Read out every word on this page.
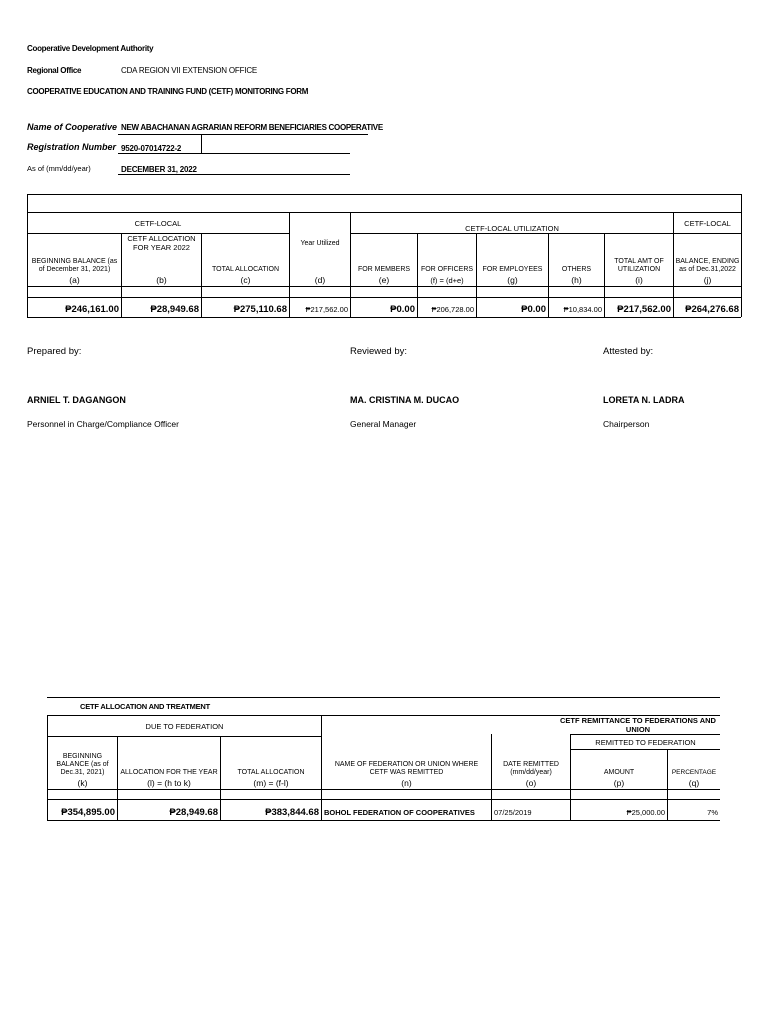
Cooperative Development Authority
Regional Office	CDA REGION VII EXTENSION OFFICE
COOPERATIVE EDUCATION AND TRAINING FUND (CETF) MONITORING FORM
Name of Cooperative NEW ABACHANAN AGRARIAN REFORM BENEFICIARIES COOPERATIVE
Registration Number 9520-07014722-2
As of (mm/dd/year)	DECEMBER 31, 2022
CETF-LOCAL
Year Utilized
CETF-LOCAL UTILIZATION
CETF-LOCAL
BEGINNING BALANCE (as of December 31, 2021)
CETF ALLOCATION FOR YEAR 2022
TOTAL ALLOCATION	FOR MEMBERS	FOR OFFICERS	FOR EMPLOYEES	OTHERS
TOTAL AMT OF UTILIZATION
BALANCE, ENDING as of Dec.31,2022
(a)	(b)	(c)	(d)	(e)	(f) = (d+e)	(g)	(h)	(i)	(j)
₱246,161.00	₱28,949.68	₱275,110.68	₱217,562.00	₱0.00	₱206,728.00	₱0.00	₱10,834.00	₱217,562.00	₱264,276.68
Prepared by:	Reviewed by:	Attested by:
ARNIEL T. DAGANGON	MA. CRISTINA M. DUCAO	LORETA N. LADRA
Personnel in Charge/Compliance Officer	General Manager	Chairperson
CETF ALLOCATION AND TREATMENT
DUE TO FEDERATION
CETF REMITTANCE TO FEDERATIONS AND UNION
REMITTED TO FEDERATION
BEGINNING BALANCE (as of Dec.31, 2021)	ALLOCATION FOR THE YEAR	TOTAL ALLOCATION
NAME OF FEDERATION OR UNION WHERE CETF WAS REMITTED
DATE REMITTED (mm/dd/year)	AMOUNT	PERCENTAGE
(k)	(l) = (h to k)	(m) = (f-l)	(n)	(o)	(p)	(q)
₱354,895.00	₱28,949.68	₱383,844.68 BOHOL FEDERATION OF COOPERATIVES	07/25/2019	₱25,000.00	7%
